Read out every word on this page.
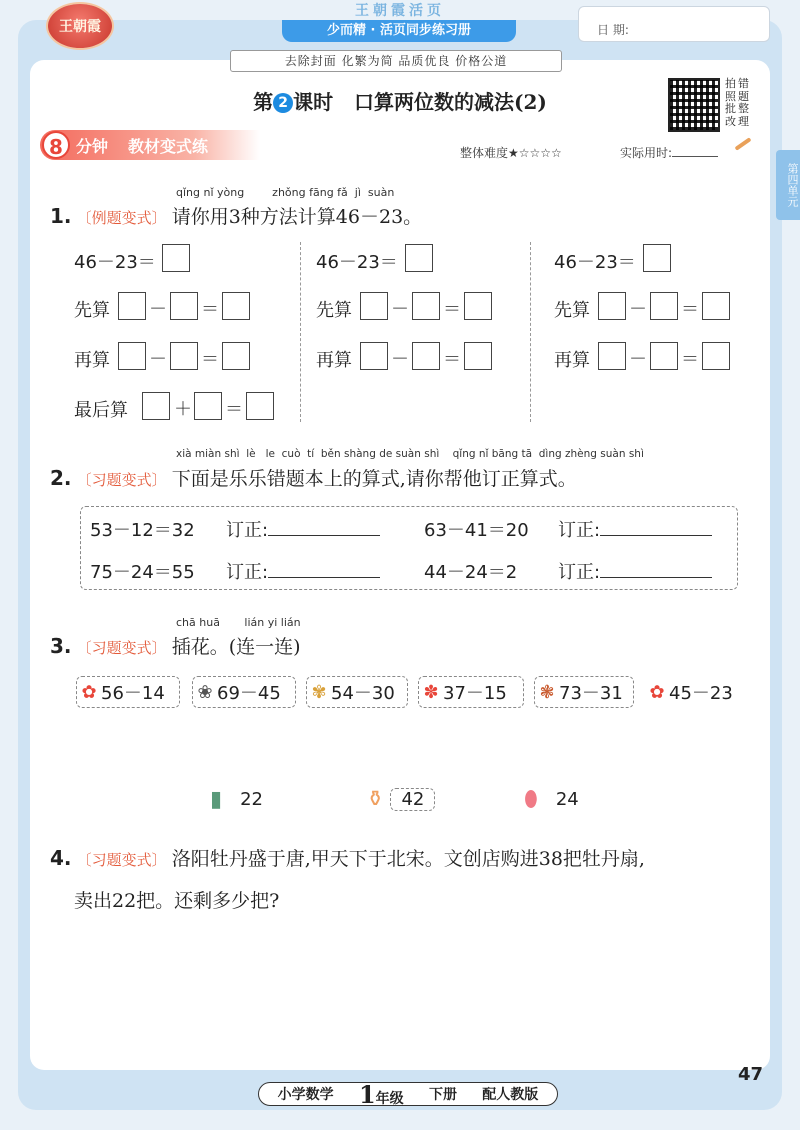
王朝霞
王朝霞活页
少而精 · 活页同步练习册	日 期:
去除封面 化繁为简 品质优良 价格公道
第 2 课时 口算两位数的减法(2)
拍
照
批
改
错
题
整
理
8 分钟 教材变式练	整体难度★☆☆☆☆	实际用时:
第四单元
qǐng nǐ yòng        zhǒng fāng fǎ  jì  suàn
1. 〔例题变式〕 请你用3种方法计算46－23。
46－23＝
先算 － ＝
再算 － ＝
最后算	＋ ＝
46－23＝
先算 － ＝
再算 － ＝
46－23＝
先算 － ＝
再算 － ＝
xià miàn shì  lè   le  cuò  tí  běn shàng de suàn shì    qǐng nǐ bāng tā  dìng zhèng suàn shì
2. 〔习题变式〕 下面是乐乐错题本上的算式,请你帮他订正算式。
53－12＝32 订正:	63－41＝20 订正:
75－24＝55 订正:	44－24＝2 订正:
chā huā       lián yi lián
3. 〔习题变式〕 插花。(连一连)
✿ 56－14 ❀ 69－45 ✾ 54－30 ✽ 37－15 ❃ 73－31 ✿ 45－23
▮ 22	⚱ 42	⬮ 24
4. 〔习题变式〕 洛阳牡丹盛于唐,甲天下于北宋。文创店购进38把牡丹扇,
卖出22把。还剩多少把?
小学数学 1年级 下册 配人教版
47
